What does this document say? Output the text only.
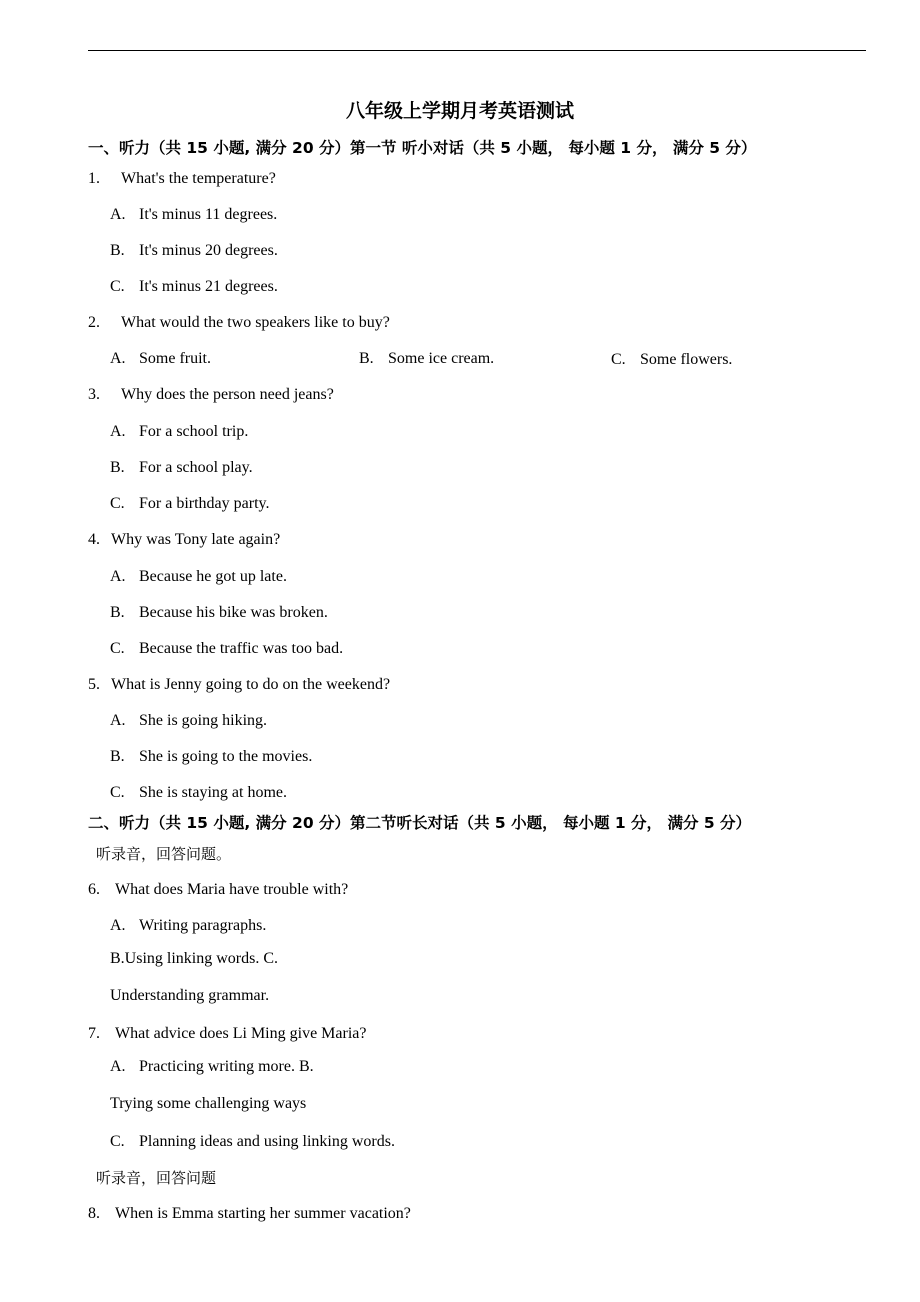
八年级上学期月考英语测试
一、听力（共 15 小题, 满分 20 分）第一节 听小对话（共 5 小题， 每小题 1 分， 满分 5 分）
1. What's the temperature?
A. It's minus 11 degrees.
B. It's minus 20 degrees.
C. It's minus 21 degrees.
2. What would the two speakers like to buy?
A. Some fruit.	B. Some ice cream.	C. Some flowers.
3. Why does the person need jeans?
A. For a school trip.
B. For a school play.
C. For a birthday party.
4. Why was Tony late again?
A. Because he got up late.
B. Because his bike was broken.
C. Because the traffic was too bad.
5. What is Jenny going to do on the weekend?
A. She is going hiking.
B. She is going to the movies.
C. She is staying at home.
二、听力（共 15 小题, 满分 20 分）第二节听长对话（共 5 小题， 每小题 1 分， 满分 5 分）
听录音，回答问题。
6. What does Maria have trouble with?
A. Writing paragraphs.
B.Using linking words. C.
Understanding grammar.
7. What advice does Li Ming give Maria?
A. Practicing writing more. B.
Trying some challenging ways
C. Planning ideas and using linking words.
听录音，回答问题
8. When is Emma starting her summer vacation?
